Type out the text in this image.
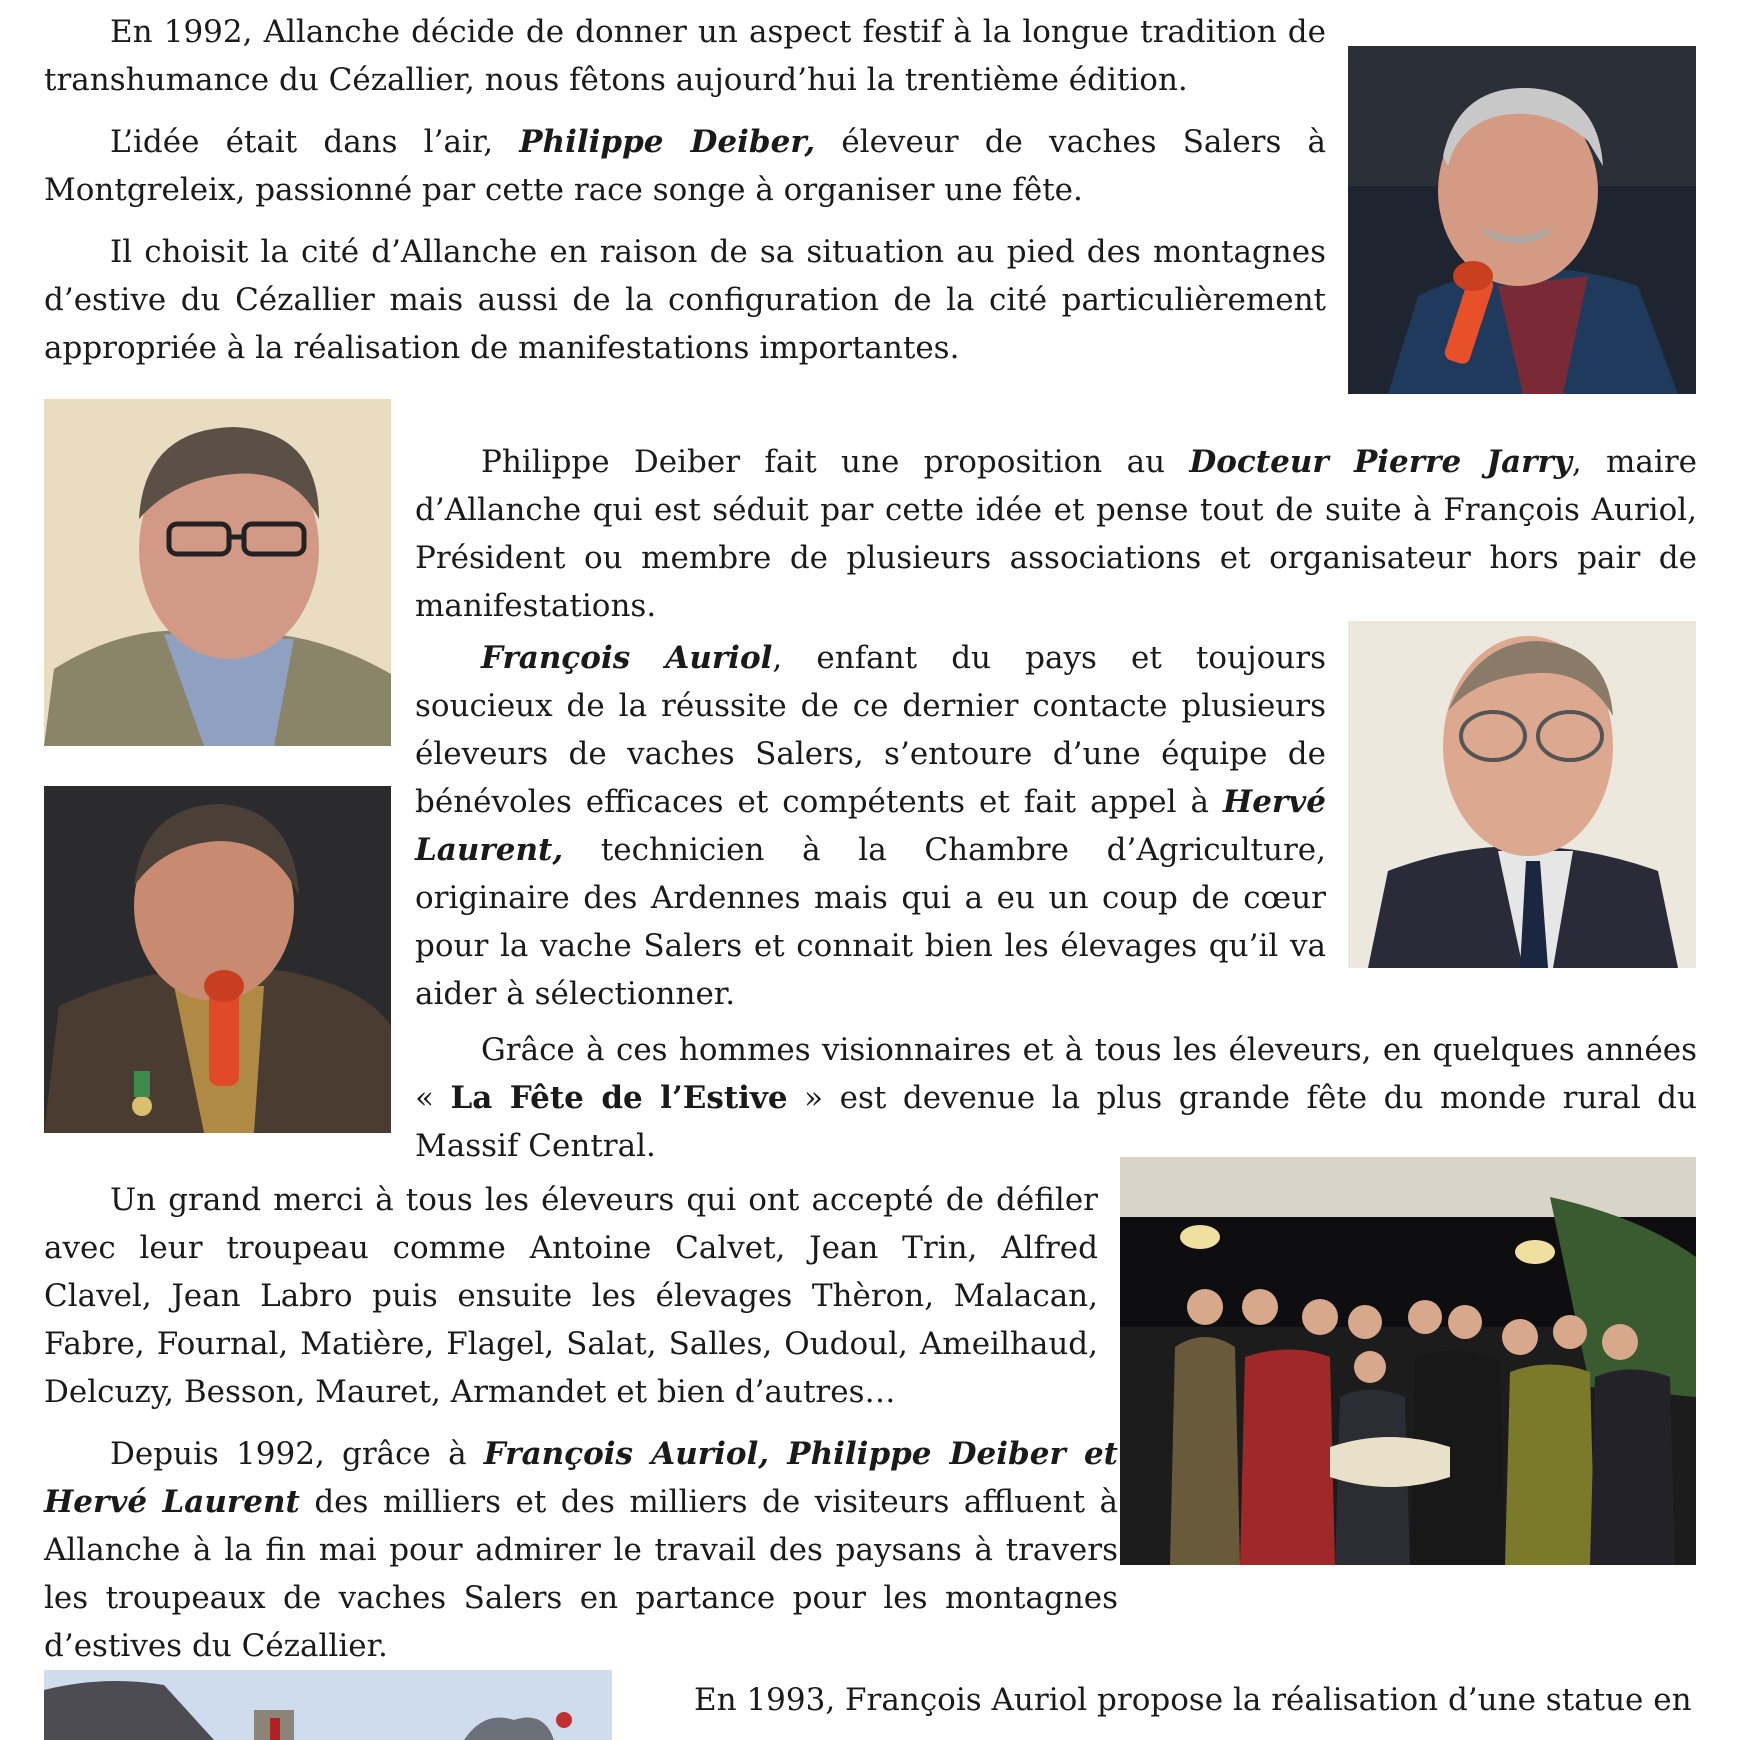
En 1992, Allanche décide de donner un aspect festif à la longue tradition de transhumance du Cézallier, nous fêtons aujourd’hui la trentième édition.

L’idée était dans l’air, Philippe Deiber, éleveur de vaches Salers à Montgreleix, passionné par cette race songe à organiser une fête.

Il choisit la cité d’Allanche en raison de sa situation au pied des montagnes d’estive du Cézallier mais aussi de la configuration de la cité particulièrement appropriée à la réalisation de manifestations importantes.

Philippe Deiber fait une proposition au Docteur Pierre Jarry, maire d’Allanche qui est séduit par cette idée et pense tout de suite à François Auriol, Président ou membre de plusieurs associations et organisateur hors pair de manifestations.

François Auriol, enfant du pays et toujours soucieux de la réussite de ce dernier contacte plusieurs éleveurs de vaches Salers, s’entoure d’une équipe de bénévoles efficaces et compétents et fait appel à Hervé Laurent, technicien à la Chambre d’Agriculture, originaire des Ardennes mais qui a eu un coup de cœur pour la vache Salers et connait bien les élevages qu’il va aider à sélectionner.

Grâce à ces hommes visionnaires et à tous les éleveurs, en quelques années « La Fête de l’Estive » est devenue la plus grande fête du monde rural du Massif Central.

Un grand merci à tous les éleveurs qui ont accepté de défiler avec leur troupeau comme Antoine Calvet, Jean Trin, Alfred Clavel, Jean Labro puis ensuite les élevages Thèron, Malacan, Fabre, Fournal, Matière, Flagel, Salat, Salles, Oudoul, Ameilhaud, Delcuzy, Besson, Mauret, Armandet et bien d’autres…

Depuis 1992, grâce à François Auriol, Philippe Deiber et Hervé Laurent des milliers et des milliers de visiteurs affluent à Allanche à la fin mai pour admirer le travail des paysans à travers les troupeaux de vaches Salers en partance pour les montagnes d’estives du Cézallier.

En 1993, François Auriol propose la réalisation d’une statue en
